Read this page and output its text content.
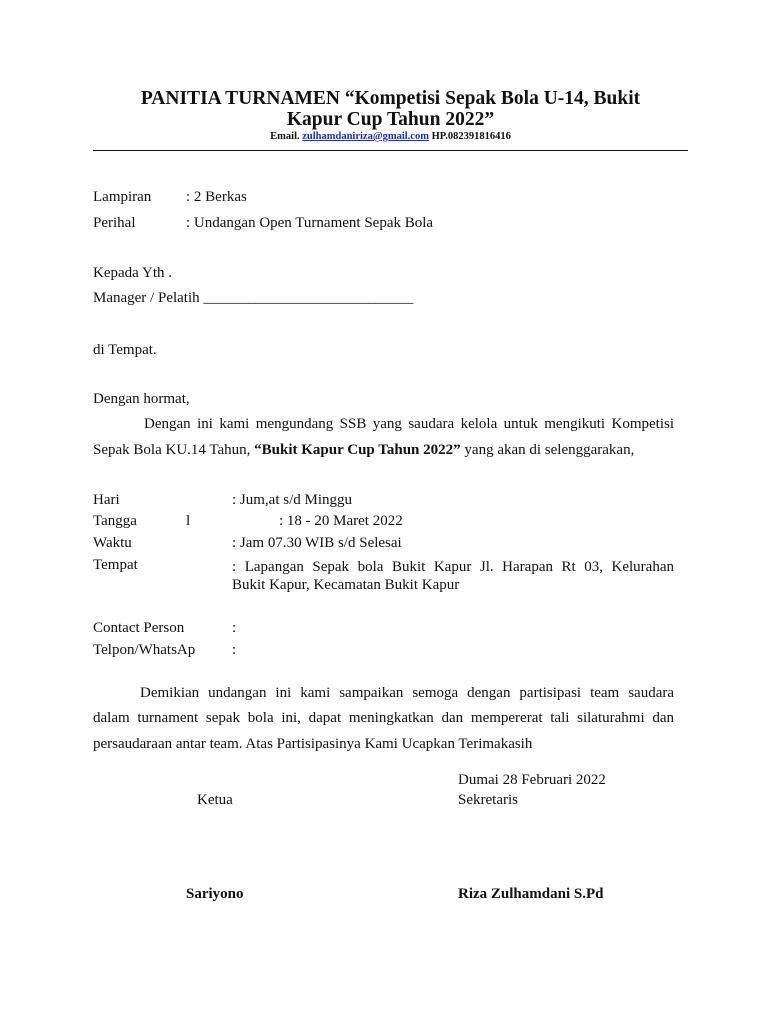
PANITIA TURNAMEN “Kompetisi Sepak Bola U-14, Bukit
Kapur Cup Tahun 2022”
Email. zulhamdaniriza@gmail.com HP.082391816416
Lampiran : 2 Berkas
Perihal	: Undangan Open Turnament Sepak Bola
Kepada Yth .
Manager / Pelatih ____________________________
di Tempat.
Dengan hormat,
Dengan ini kami mengundang SSB yang saudara kelola untuk mengikuti Kompetisi
Sepak Bola KU.14 Tahun, “Bukit Kapur Cup Tahun 2022” yang akan di selenggarakan,
Hari	: Jum,at s/d Minggu
Tangga	l	: 18 - 20 Maret 2022
Waktu	: Jam 07.30 WIB s/d Selesai
Tempat	: Lapangan Sepak bola Bukit Kapur Jl. Harapan Rt 03, Kelurahan
Bukit Kapur, Kecamatan Bukit Kapur
Contact Person	:
Telpon/WhatsAp :
Demikian undangan ini kami sampaikan semoga dengan partisipasi team saudara
dalam turnament sepak bola ini, dapat meningkatkan dan mempererat tali silaturahmi dan
persaudaraan antar team. Atas Partisipasinya Kami Ucapkan Terimakasih
Dumai 28 Februari 2022
Ketua	Sekretaris
Sariyono	Riza Zulhamdani S.Pd
